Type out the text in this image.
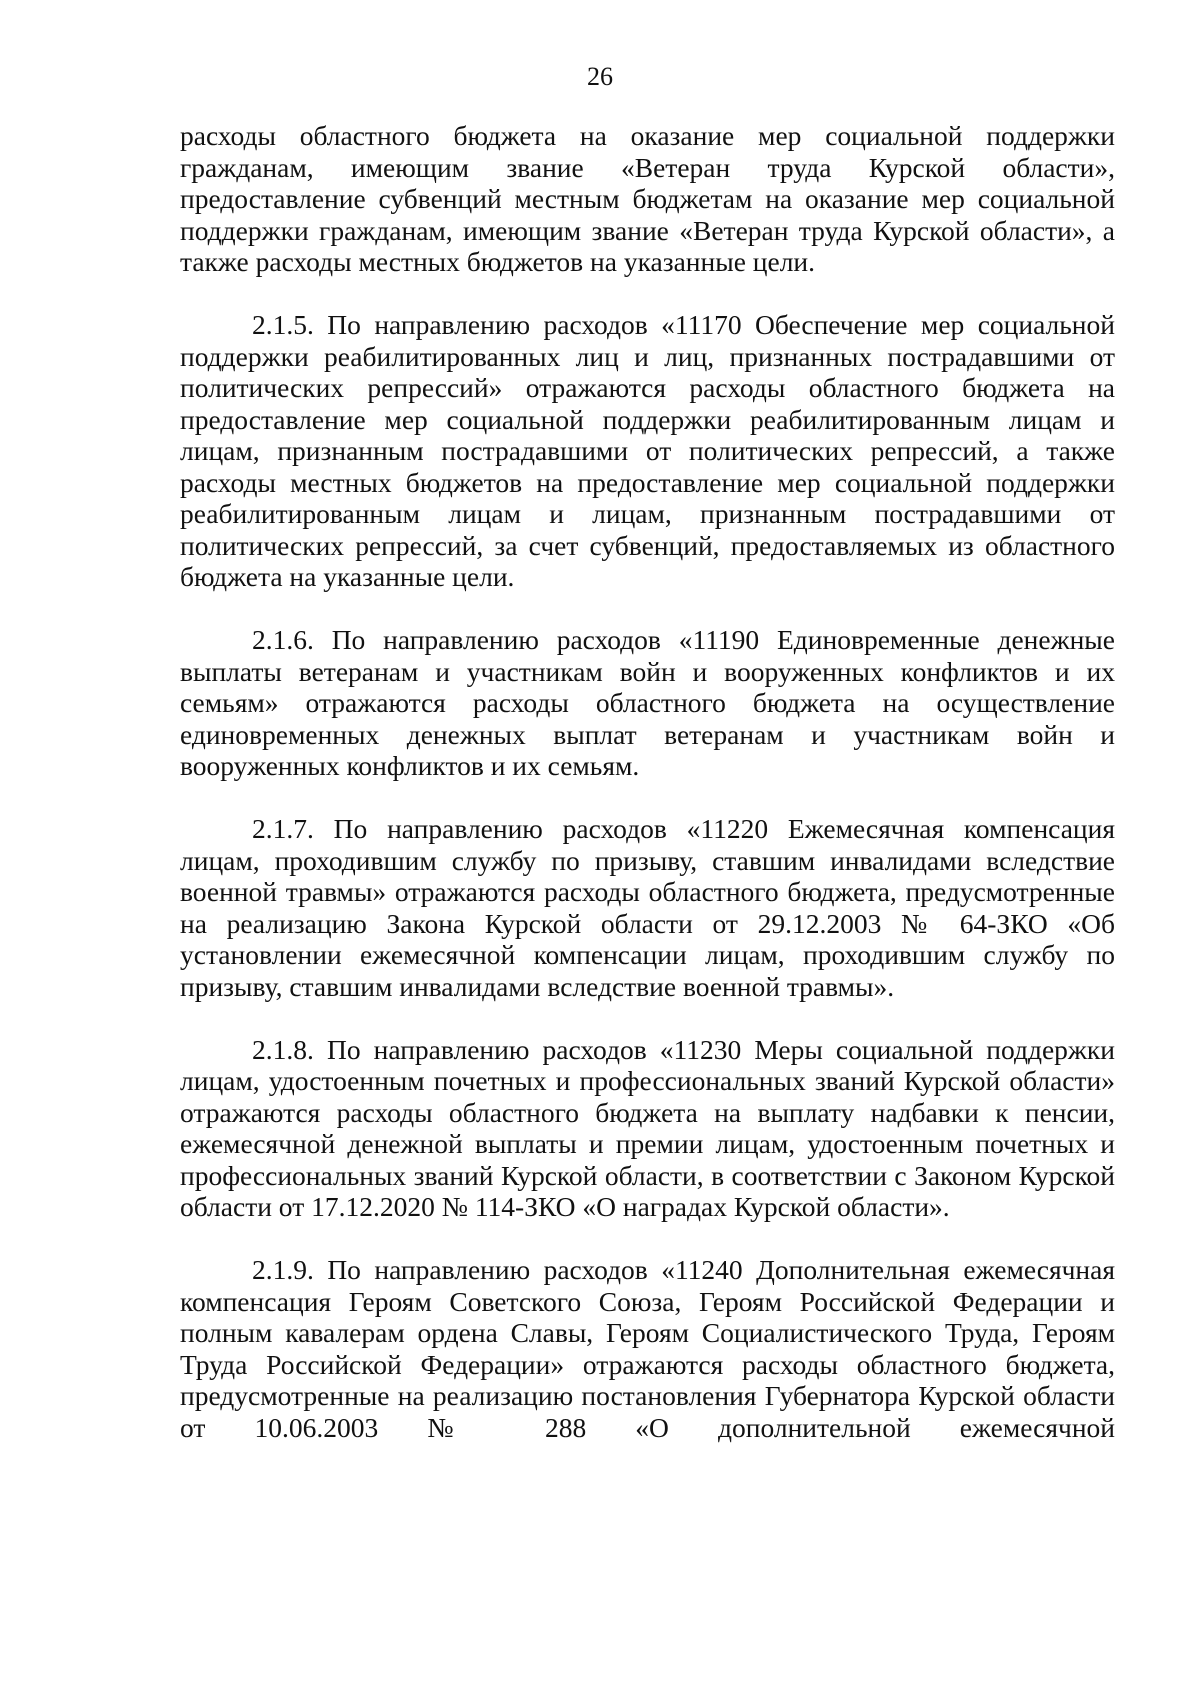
26

расходы областного бюджета на оказание мер социальной поддержки гражданам, имеющим звание «Ветеран труда Курской области», предоставление субвенций местным бюджетам на оказание мер социальной поддержки гражданам, имеющим звание «Ветеран труда Курской области», а также расходы местных бюджетов на указанные цели.

2.1.5. По направлению расходов «11170 Обеспечение мер социальной поддержки реабилитированных лиц и лиц, признанных пострадавшими от политических репрессий» отражаются расходы областного бюджета на предоставление мер социальной поддержки реабилитированным лицам и лицам, признанным пострадавшими от политических репрессий, а также расходы местных бюджетов на предоставление мер социальной поддержки реабилитированным лицам и лицам, признанным пострадавшими от политических репрессий, за счет субвенций, предоставляемых из областного бюджета на указанные цели.

2.1.6. По направлению расходов «11190 Единовременные денежные выплаты ветеранам и участникам войн и вооруженных конфликтов и их семьям» отражаются расходы областного бюджета на осуществление единовременных денежных выплат ветеранам и участникам войн и вооруженных конфликтов и их семьям.

2.1.7. По направлению расходов «11220 Ежемесячная компенсация лицам, проходившим службу по призыву, ставшим инвалидами вследствие военной травмы» отражаются расходы областного бюджета, предусмотренные на реализацию Закона Курской области от 29.12.2003 № 64-ЗКО «Об установлении ежемесячной компенсации лицам, проходившим службу по призыву, ставшим инвалидами вследствие военной травмы».

2.1.8. По направлению расходов «11230 Меры социальной поддержки лицам, удостоенным почетных и профессиональных званий Курской области» отражаются расходы областного бюджета на выплату надбавки к пенсии, ежемесячной денежной выплаты и премии лицам, удостоенным почетных и профессиональных званий Курской области, в соответствии с Законом Курской области от 17.12.2020 № 114-ЗКО «О наградах Курской области».

2.1.9. По направлению расходов «11240 Дополнительная ежемесячная компенсация Героям Советского Союза, Героям Российской Федерации и полным кавалерам ордена Славы, Героям Социалистического Труда, Героям Труда Российской Федерации» отражаются расходы областного бюджета, предусмотренные на реализацию постановления Губернатора Курской области от 10.06.2003 № 288 «О дополнительной ежемесячной
